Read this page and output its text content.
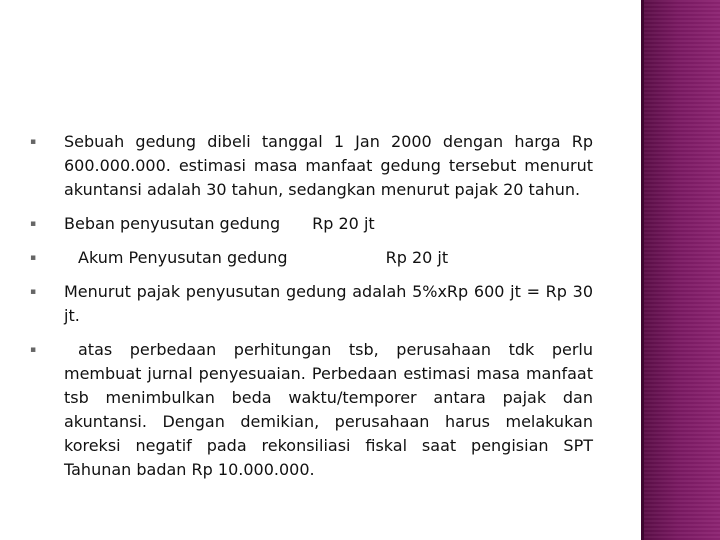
▪	Sebuah gedung dibeli tanggal 1 Jan 2000 dengan harga Rp 600.000.000. estimasi masa manfaat gedung tersebut menurut akuntansi adalah 30 tahun, sedangkan menurut pajak 20 tahun.
▪	Beban penyusutan gedung Rp 20 jt
▪	Akum Penyusutan gedung	Rp 20 jt
▪	Menurut pajak penyusutan gedung adalah 5%xRp 600 jt = Rp 30 jt.
▪	atas perbedaan perhitungan tsb, perusahaan tdk perlu membuat jurnal penyesuaian. Perbedaan estimasi masa manfaat tsb menimbulkan beda waktu/temporer antara pajak dan akuntansi. Dengan demikian, perusahaan harus melakukan koreksi negatif pada rekonsiliasi fiskal saat pengisian SPT Tahunan badan Rp 10.000.000.
